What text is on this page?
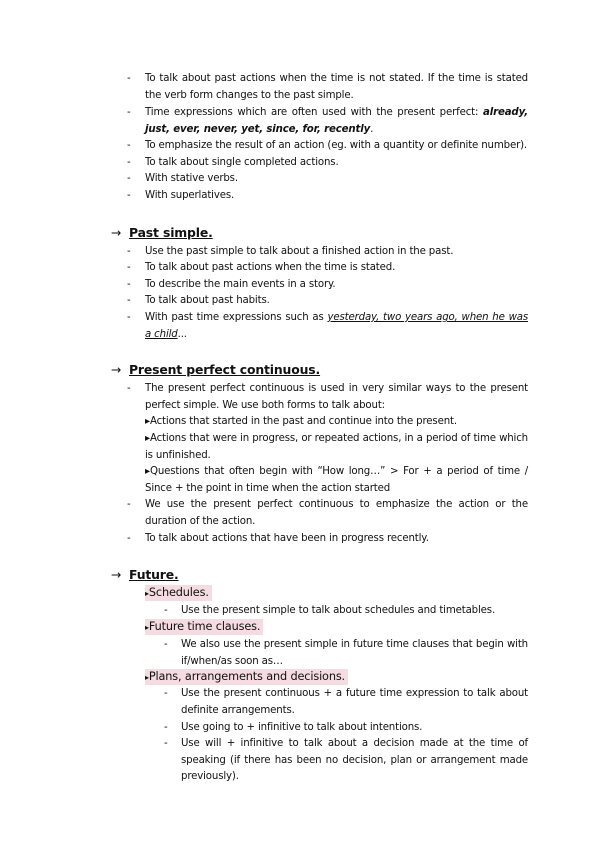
-	To talk about past actions when the time is not stated. If the time is stated the verb form changes to the past simple.
-	Time expressions which are often used with the present perfect: already, just, ever, never, yet, since, for, recently.
-	To emphasize the result of an action (eg. with a quantity or definite number).
-	To talk about single completed actions.
-	With stative verbs.
-	With superlatives.
→ Past simple.
-	Use the past simple to talk about a finished action in the past.
-	To talk about past actions when the time is stated.
-	To describe the main events in a story.
-	To talk about past habits.
-	With past time expressions such as yesterday, two years ago, when he was a child...
→ Present perfect continuous.
-	The present perfect continuous is used in very similar ways to the present perfect simple. We use both forms to talk about:
▸Actions that started in the past and continue into the present.
▸Actions that were in progress, or repeated actions, in a period of time which is unfinished.
▸Questions that often begin with “How long…” > For + a period of time / Since + the point in time when the action started
-	We use the present perfect continuous to emphasize the action or the duration of the action.
-	To talk about actions that have been in progress recently.
→ Future.
▸Schedules.
-	Use the present simple to talk about schedules and timetables.
▸Future time clauses.
-	We also use the present simple in future time clauses that begin with if/when/as soon as…
▸Plans, arrangements and decisions.
-	Use the present continuous + a future time expression to talk about definite arrangements.
-	Use going to + infinitive to talk about intentions.
-	Use will + infinitive to talk about a decision made at the time of speaking (if there has been no decision, plan or arrangement made previously).
